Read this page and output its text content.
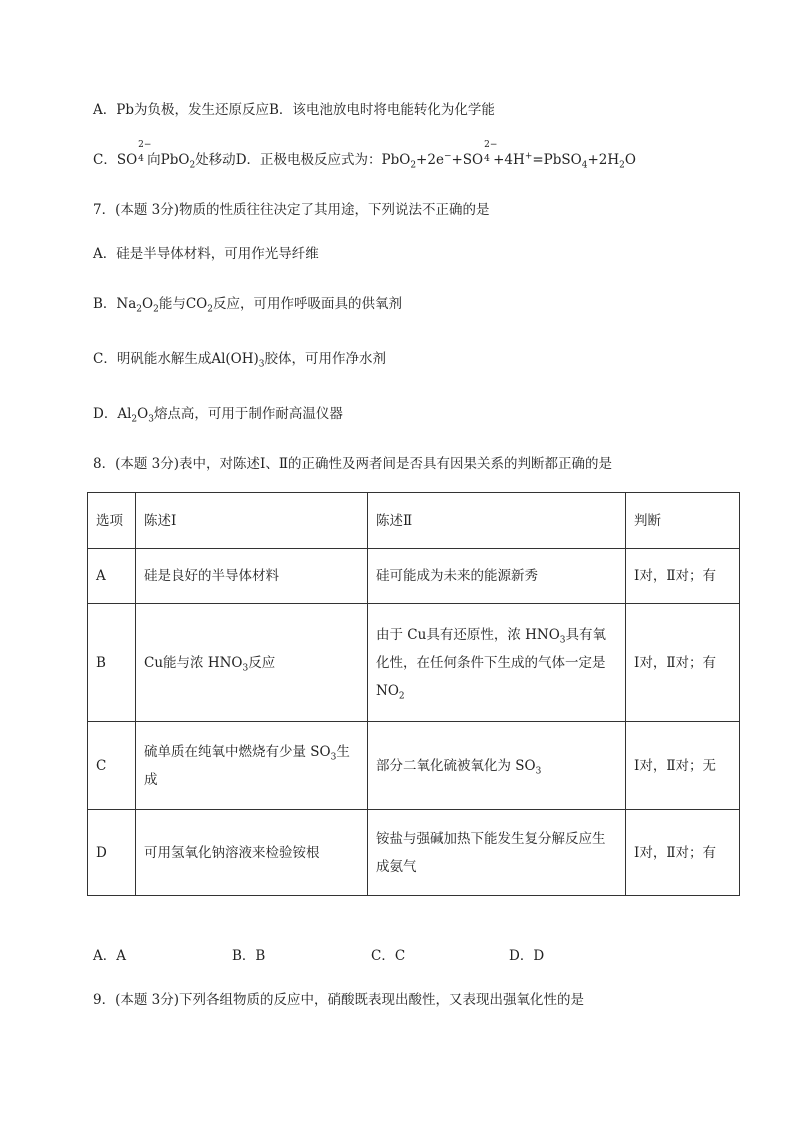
A．Pb为负极，发生还原反应B．该电池放电时将电能转化为化学能
C．SO
2−
4 向PbO$_2$处移动D．正极电极反应式为：PbO$_2$+2e−+SO
2−
$4 +4H^+=PbSO_4+2H_2O$
7．(本题 3分)物质的性质往往决定了其用途，下列说法不正确的是
A．硅是半导体材料，可用作光导纤维
B．$Na_2O_2$能与$CO_2$反应，可用作呼吸面具的供氧剂
C．明矾能水解生成$Al(OH)_3$胶体，可用作净水剂
D．$Al_2O_3$熔点高，可用于制作耐高温仪器
8．(本题 3分)表中，对陈述Ⅰ、Ⅱ的正确性及两者间是否具有因果关系的判断都正确的是
选项	陈述Ⅰ	陈述Ⅱ	判断
A	硅是良好的半导体材料	硅可能成为未来的能源新秀	Ⅰ对，Ⅱ对；有
B	Cu能与浓 $HNO_3$反应	由于 Cu具有还原性，浓 $HNO_3$具有氧化性，在任何条件下生成的气体一定是 $NO_2$	Ⅰ对，Ⅱ对；有
C	硫单质在纯氧中燃烧有少量 $SO_3$生成	部分二氧化硫被氧化为 $SO_3$	Ⅰ对，Ⅱ对；无
D	可用氢氧化钠溶液来检验铵根	铵盐与强碱加热下能发生复分解反应生成氨气	Ⅰ对，Ⅱ对；有
A．A	B．B	C．C	D．D
9．(本题 3分)下列各组物质的反应中，硝酸既表现出酸性，又表现出强氧化性的是
